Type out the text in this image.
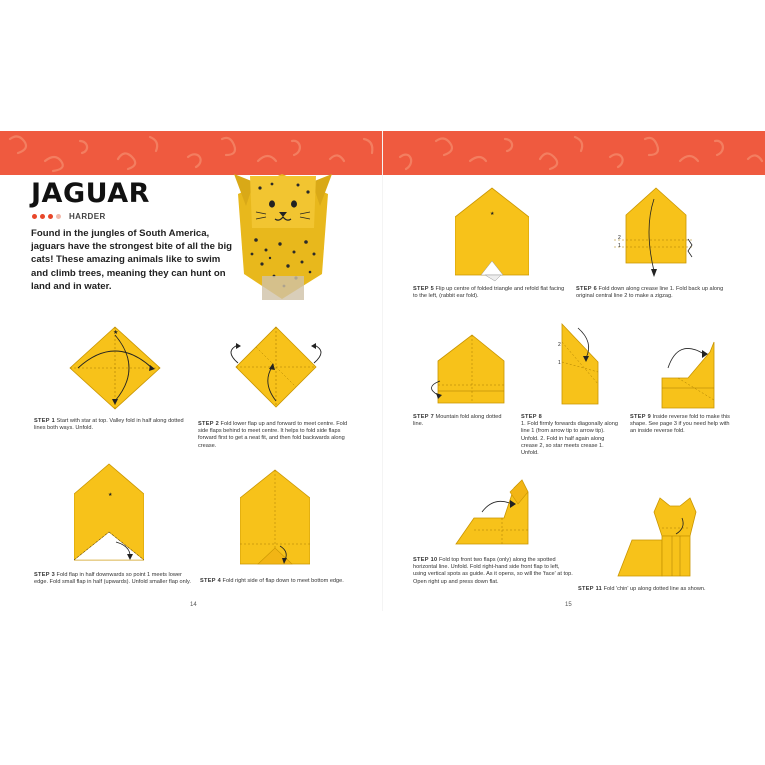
JAGUAR
HARDER
Found in the jungles of South America, jaguars have the strongest bite of all the big cats! These amazing animals like to swim and climb trees, meaning they can hunt on land and in water.
★
STEP 1 Start with star at top. Valley fold in half along dotted lines both ways. Unfold.
STEP 2 Fold lower flap up and forward to meet centre. Fold side flaps behind to meet centre. It helps to fold side flaps forward first to get a neat fit, and then fold backwards along crease.
★
STEP 3 Fold flap in half downwards so point 1 meets lower edge. Fold small flap in half (upwards). Unfold smaller flap only.	STEP 4 Fold right side of flap down to meet bottom edge.
14
★
STEP 5 Flip up centre of folded triangle and refold flat facing to the left, (rabbit ear fold).
2
1
STEP 6 Fold down along crease line 1. Fold back up along original central line 2 to make a zigzag.
STEP 7 Mountain fold along dotted line.
1
2
STEP 8
1. Fold firmly forwards diagonally along line 1 (from arrow tip to arrow tip). Unfold. 2. Fold in half again along crease 2, so star meets crease 1. Unfold.
STEP 9 Inside reverse fold to make this shape. See page 3 if you need help with an inside reverse fold.
STEP 10 Fold top front two flaps (only) along the spotted horizontal line. Unfold. Fold right-hand side front flap to left, using vertical spots as guide. As it opens, so will the 'face' at top. Open right up and press down flat.
STEP 11 Fold 'chin' up along dotted line as shown.
15
